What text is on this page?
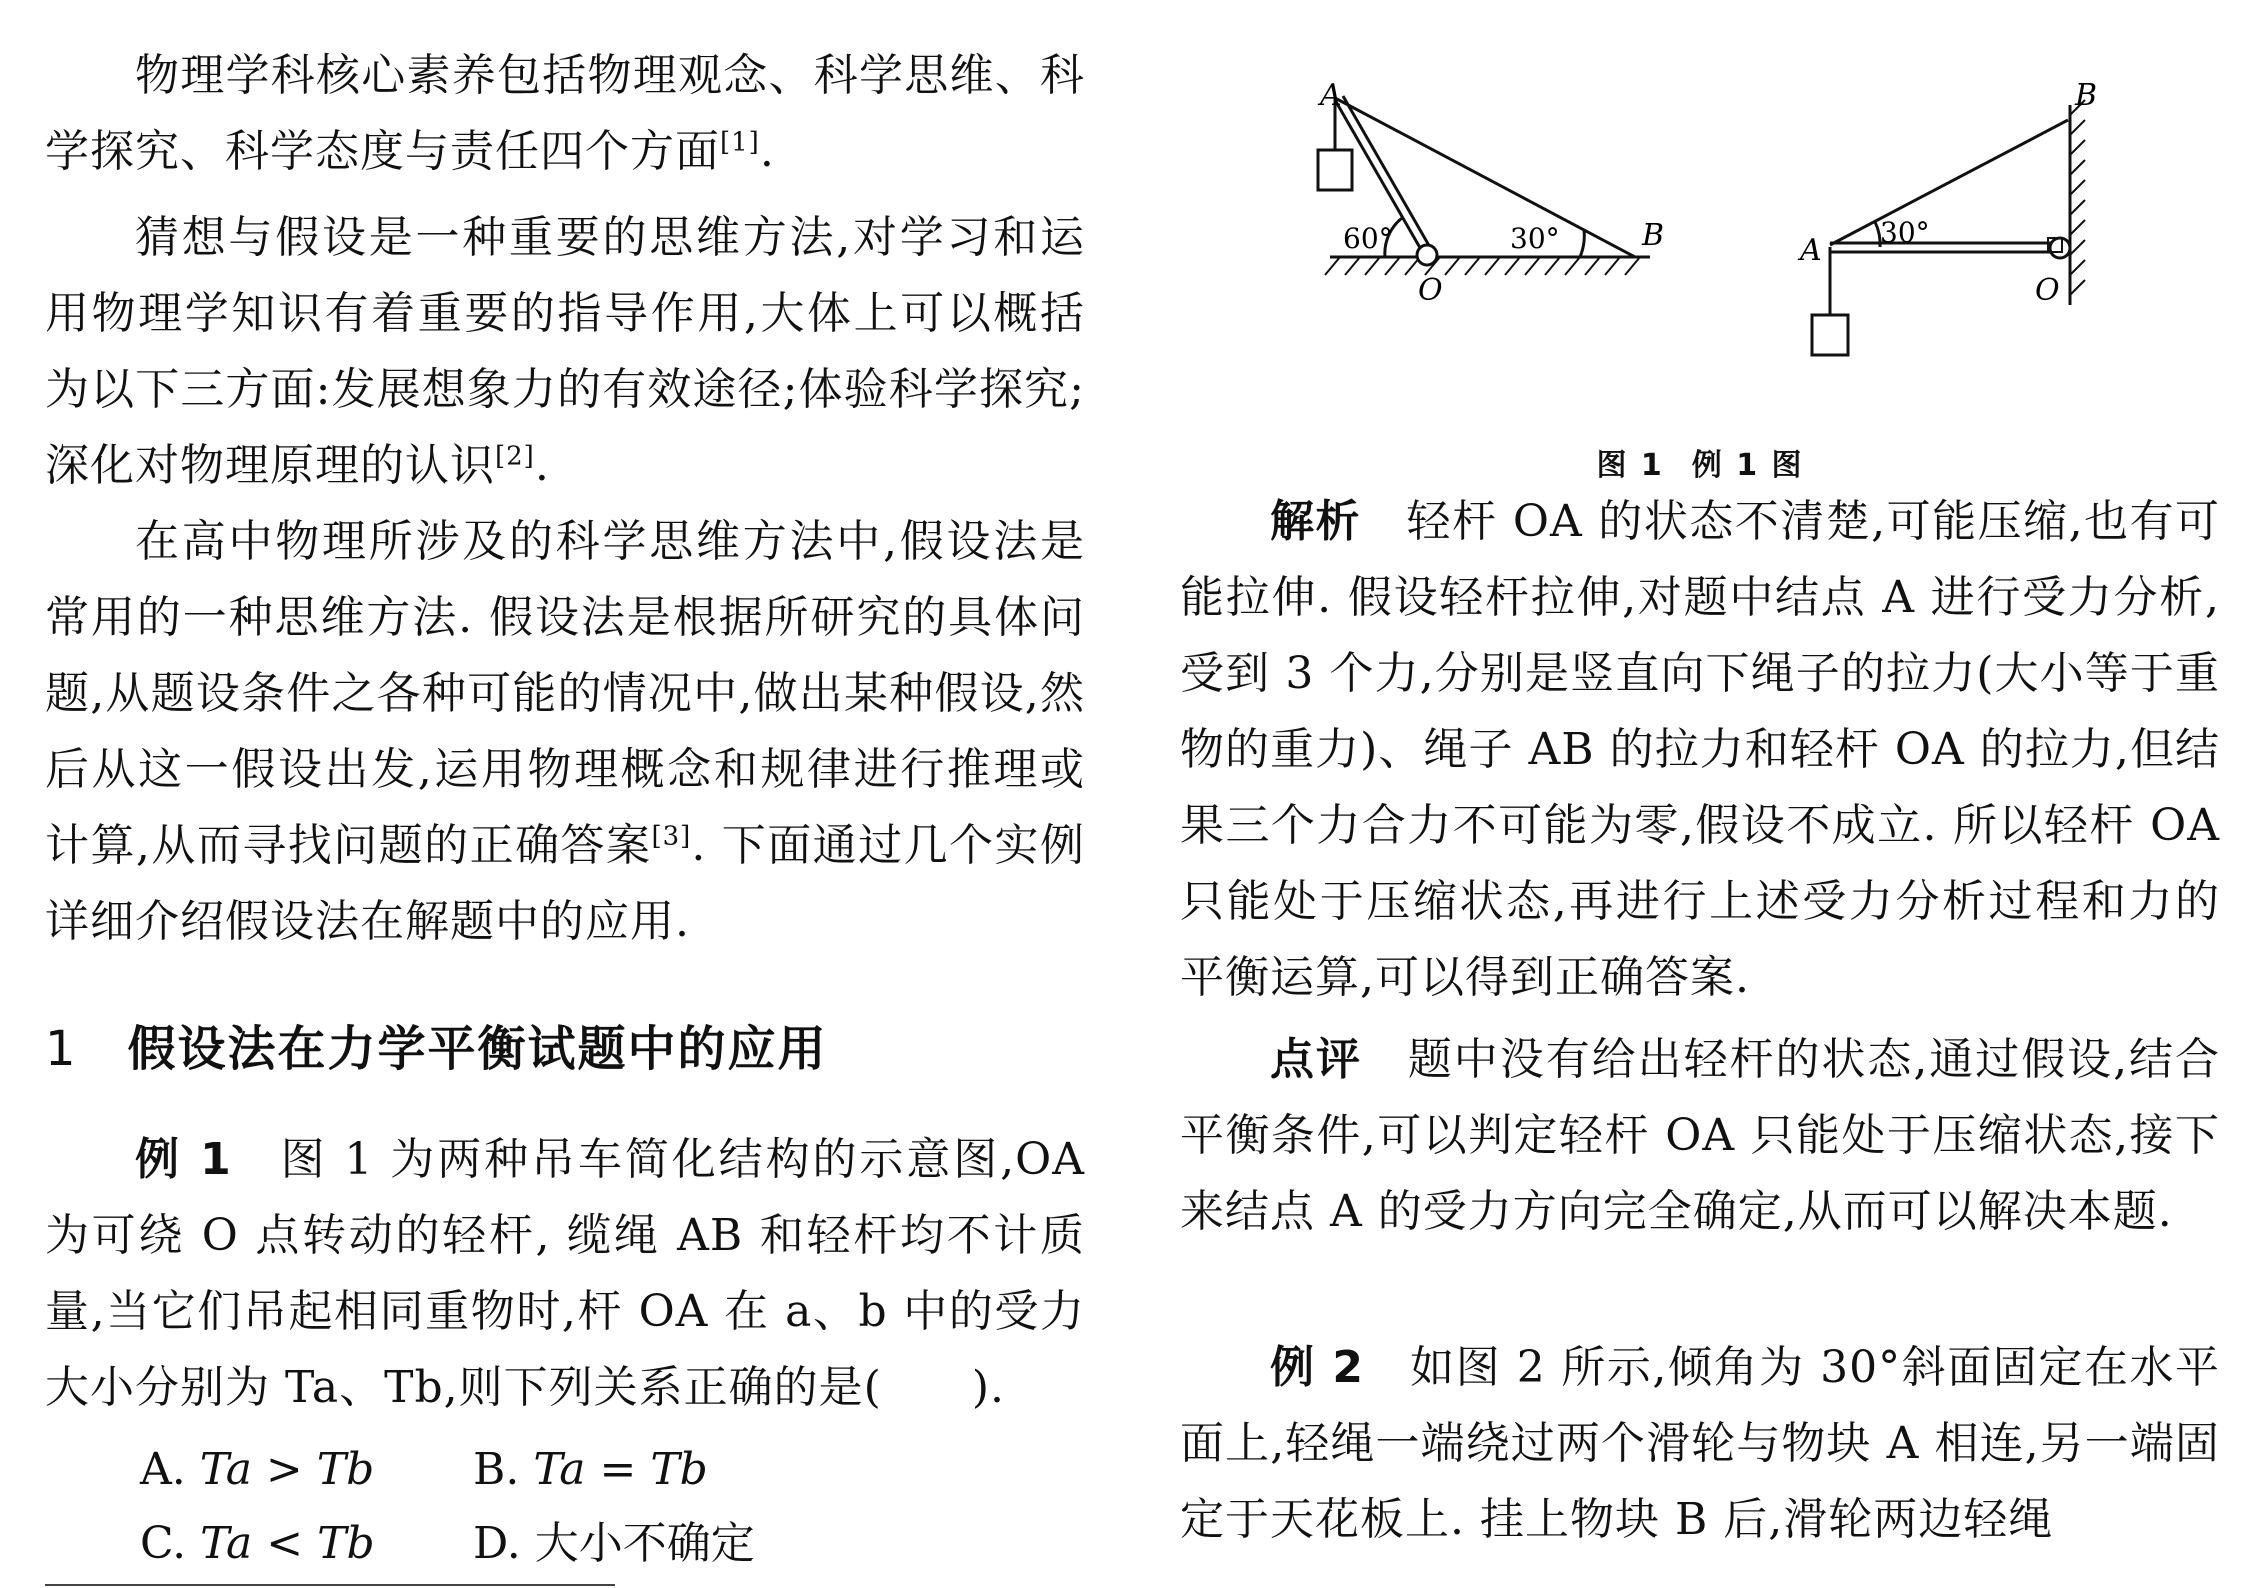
物理学科核心素养包括物理观念、科学思维、科学探究、科学态度与责任四个方面[1].

猜想与假设是一种重要的思维方法,对学习和运用物理学知识有着重要的指导作用,大体上可以概括为以下三方面:发展想象力的有效途径;体验科学探究;深化对物理原理的认识[2].

在高中物理所涉及的科学思维方法中,假设法是常用的一种思维方法. 假设法是根据所研究的具体问题,从题设条件之各种可能的情况中,做出某种假设,然后从这一假设出发,运用物理概念和规律进行推理或计算,从而寻找问题的正确答案[3]. 下面通过几个实例详细介绍假设法在解题中的应用.

1 假设法在力学平衡试题中的应用

例 1　 图 1 为两种吊车简化结构的示意图,OA 为可绕 O 点转动的轻杆, 缆绳 AB 和轻杆均不计质量,当它们吊起相同重物时,杆 OA 在 a、b 中的受力大小分别为 Ta、Tb,则下列关系正确的是(　　).

A. Ta > Tb B. Ta = Tb
C. Ta < Tb D. 大小不确定
A
60°	30°	B
O
B
A
30°
O
图 1 例 1 图

解析　 轻杆 OA 的状态不清楚,可能压缩,也有可能拉伸. 假设轻杆拉伸,对题中结点 A 进行受力分析,受到 3 个力,分别是竖直向下绳子的拉力(大小等于重物的重力)、绳子 AB 的拉力和轻杆 OA 的拉力,但结果三个力合力不可能为零,假设不成立. 所以轻杆 OA 只能处于压缩状态,再进行上述受力分析过程和力的平衡运算,可以得到正确答案.

点评　 题中没有给出轻杆的状态,通过假设,结合平衡条件,可以判定轻杆 OA 只能处于压缩状态,接下来结点 A 的受力方向完全确定,从而可以解决本题.

例 2　 如图 2 所示,倾角为 30°斜面固定在水平面上,轻绳一端绕过两个滑轮与物块 A 相连,另一端固定于天花板上. 挂上物块 B 后,滑轮两边轻绳
